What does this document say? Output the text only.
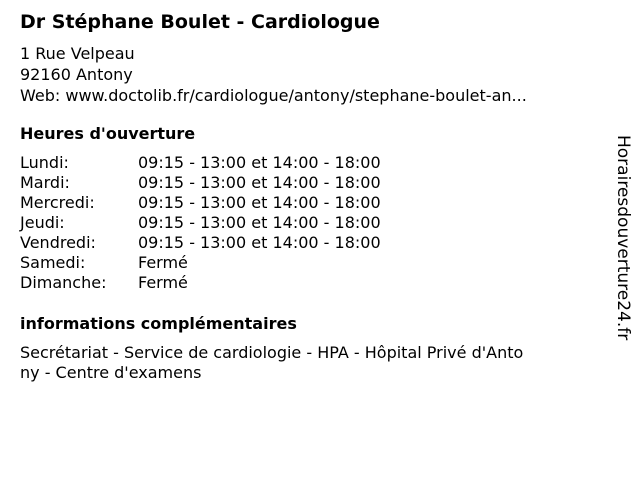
Dr Stéphane Boulet - Cardiologue
1 Rue Velpeau
92160 Antony
Web: www.doctolib.fr/cardiologue/antony/stephane-boulet-an...
Heures d'ouverture
Lundi:	09:15 - 13:00 et 14:00 - 18:00
Mardi:	09:15 - 13:00 et 14:00 - 18:00
Mercredi:	09:15 - 13:00 et 14:00 - 18:00
Jeudi:	09:15 - 13:00 et 14:00 - 18:00
Vendredi:	09:15 - 13:00 et 14:00 - 18:00
Samedi:	Fermé
Dimanche: Fermé
informations complémentaires
Secrétariat - Service de cardiologie - HPA - Hôpital Privé d'Anto
ny - Centre d'examens
Horairesdouverture24.fr
